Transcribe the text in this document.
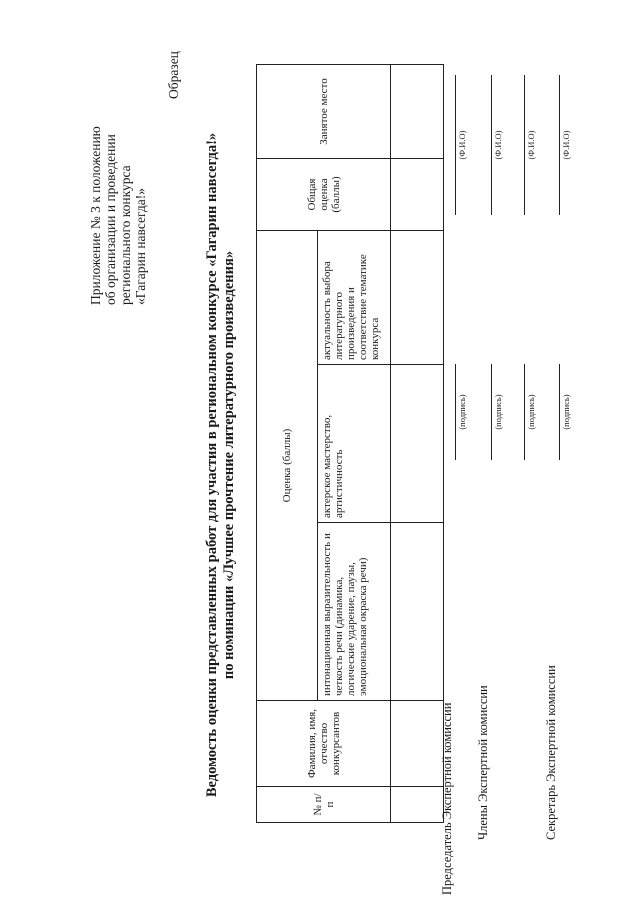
Приложение № 3 к положению об организации и проведении регионального конкурса «Гагарин навсегда!»
Образец
Ведомость оценки представленных работ для участия в региональном конкурсе «Гагарин навсегда!» по номинации «Лучшее прочтение литературного произведения»
№ п/п	Фамилия, имя, отчество конкурсантов	Оценка (баллы)			Общая оценка (баллы)	Занятое место
		интонационная выразительность и четкость речи (динамика, логические ударение, паузы, эмоциональная окраска речи)	актерское мастерство, артистичность	актуальность выбора литературного произведения и соответствие тематике конкурса		

Председатель Экспертной комиссии
(подпись)
(Ф.И.О)
Члены Экспертной комиссии
(подпись)
(Ф.И.О)
(подпись)
(Ф.И.О)
Секретарь Экспертной комиссии
(подпись)
(Ф.И.О)
